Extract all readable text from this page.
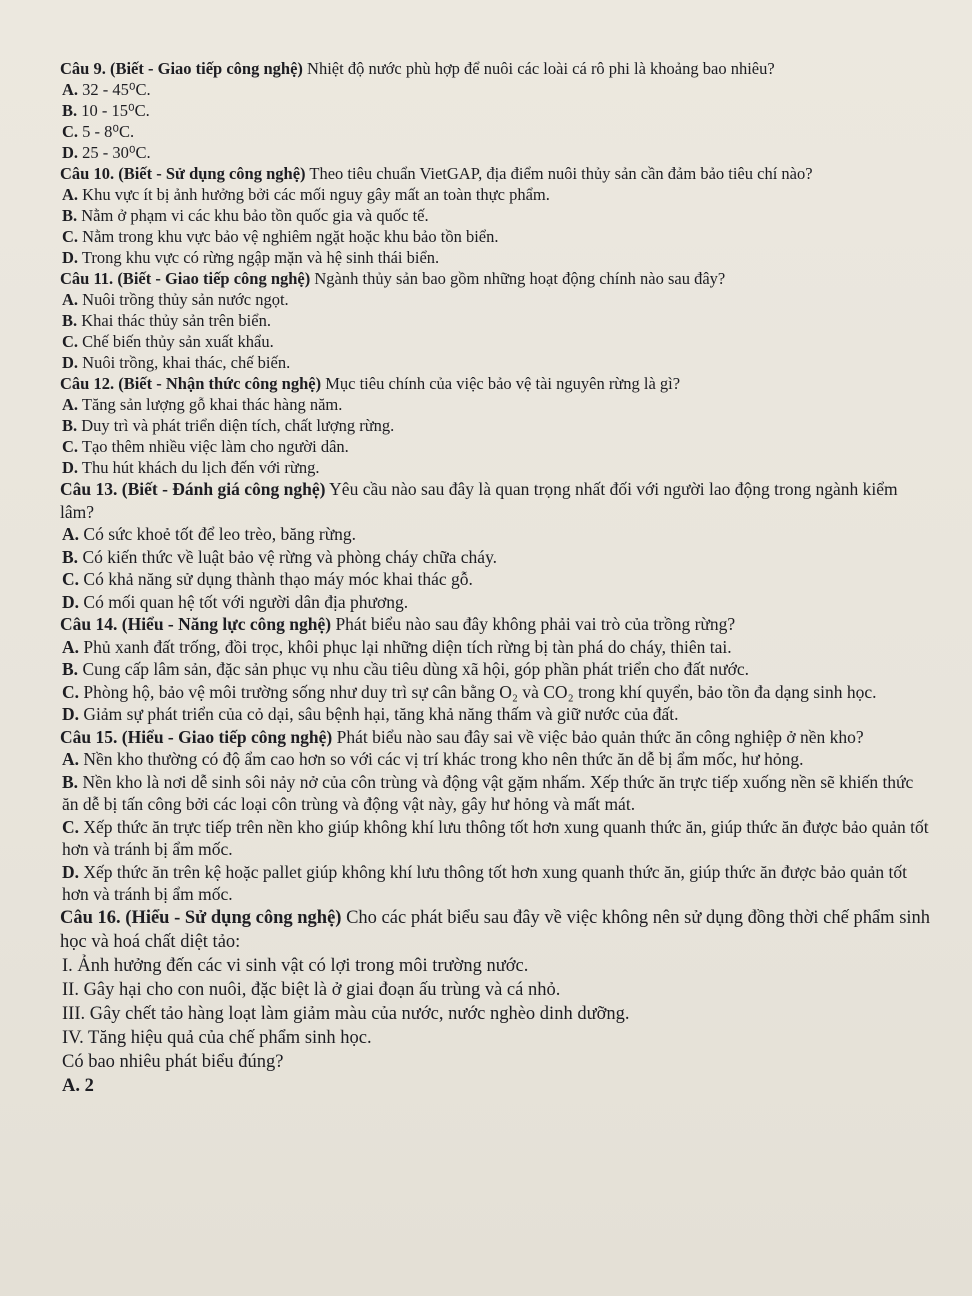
Câu 9. (Biết - Giao tiếp công nghệ) Nhiệt độ nước phù hợp để nuôi các loài cá rô phi là khoảng bao nhiêu?

A. 32 - 45⁰C.

B. 10 - 15⁰C.

C. 5 - 8⁰C.

D. 25 - 30⁰C.

Câu 10. (Biết - Sử dụng công nghệ) Theo tiêu chuẩn VietGAP, địa điểm nuôi thủy sản cần đảm bảo tiêu chí nào?

A. Khu vực ít bị ảnh hưởng bởi các mối nguy gây mất an toàn thực phẩm.

B. Nằm ở phạm vi các khu bảo tồn quốc gia và quốc tế.

C. Nằm trong khu vực bảo vệ nghiêm ngặt hoặc khu bảo tồn biển.

D. Trong khu vực có rừng ngập mặn và hệ sinh thái biển.

Câu 11. (Biết - Giao tiếp công nghệ) Ngành thủy sản bao gồm những hoạt động chính nào sau đây?

A. Nuôi trồng thủy sản nước ngọt.

B. Khai thác thủy sản trên biển.

C. Chế biến thủy sản xuất khẩu.

D. Nuôi trồng, khai thác, chế biến.

Câu 12. (Biết - Nhận thức công nghệ) Mục tiêu chính của việc bảo vệ tài nguyên rừng là gì?

A. Tăng sản lượng gỗ khai thác hàng năm.

B. Duy trì và phát triển diện tích, chất lượng rừng.

C. Tạo thêm nhiều việc làm cho người dân.

D. Thu hút khách du lịch đến với rừng.

Câu 13. (Biết - Đánh giá công nghệ) Yêu cầu nào sau đây là quan trọng nhất đối với người lao động trong ngành kiểm lâm?

A. Có sức khoẻ tốt để leo trèo, băng rừng.

B. Có kiến thức về luật bảo vệ rừng và phòng cháy chữa cháy.

C. Có khả năng sử dụng thành thạo máy móc khai thác gỗ.

D. Có mối quan hệ tốt với người dân địa phương.

Câu 14. (Hiểu - Năng lực công nghệ) Phát biểu nào sau đây không phải vai trò của trồng rừng?

A. Phủ xanh đất trống, đồi trọc, khôi phục lại những diện tích rừng bị tàn phá do cháy, thiên tai.

B. Cung cấp lâm sản, đặc sản phục vụ nhu cầu tiêu dùng xã hội, góp phần phát triển cho đất nước.

C. Phòng hộ, bảo vệ môi trường sống như duy trì sự cân bằng O₂ và CO₂ trong khí quyển, bảo tồn đa dạng sinh học.

D. Giảm sự phát triển của cỏ dại, sâu bệnh hại, tăng khả năng thấm và giữ nước của đất.

Câu 15. (Hiểu - Giao tiếp công nghệ) Phát biểu nào sau đây sai về việc bảo quản thức ăn công nghiệp ở nền kho?

A. Nền kho thường có độ ẩm cao hơn so với các vị trí khác trong kho nên thức ăn dễ bị ẩm mốc, hư hỏng.

B. Nền kho là nơi dễ sinh sôi nảy nở của côn trùng và động vật gặm nhấm. Xếp thức ăn trực tiếp xuống nền sẽ khiến thức ăn dễ bị tấn công bởi các loại côn trùng và động vật này, gây hư hỏng và mất mát.

C. Xếp thức ăn trực tiếp trên nền kho giúp không khí lưu thông tốt hơn xung quanh thức ăn, giúp thức ăn được bảo quản tốt hơn và tránh bị ẩm mốc.

D. Xếp thức ăn trên kệ hoặc pallet giúp không khí lưu thông tốt hơn xung quanh thức ăn, giúp thức ăn được bảo quản tốt hơn và tránh bị ẩm mốc.

Câu 16. (Hiểu - Sử dụng công nghệ) Cho các phát biểu sau đây về việc không nên sử dụng đồng thời chế phẩm sinh học và hoá chất diệt tảo:

I. Ảnh hưởng đến các vi sinh vật có lợi trong môi trường nước.

II. Gây hại cho con nuôi, đặc biệt là ở giai đoạn ấu trùng và cá nhỏ.

III. Gây chết tảo hàng loạt làm giảm màu của nước, nước nghèo dinh dưỡng.

IV. Tăng hiệu quả của chế phẩm sinh học.

Có bao nhiêu phát biểu đúng?

A. 2
